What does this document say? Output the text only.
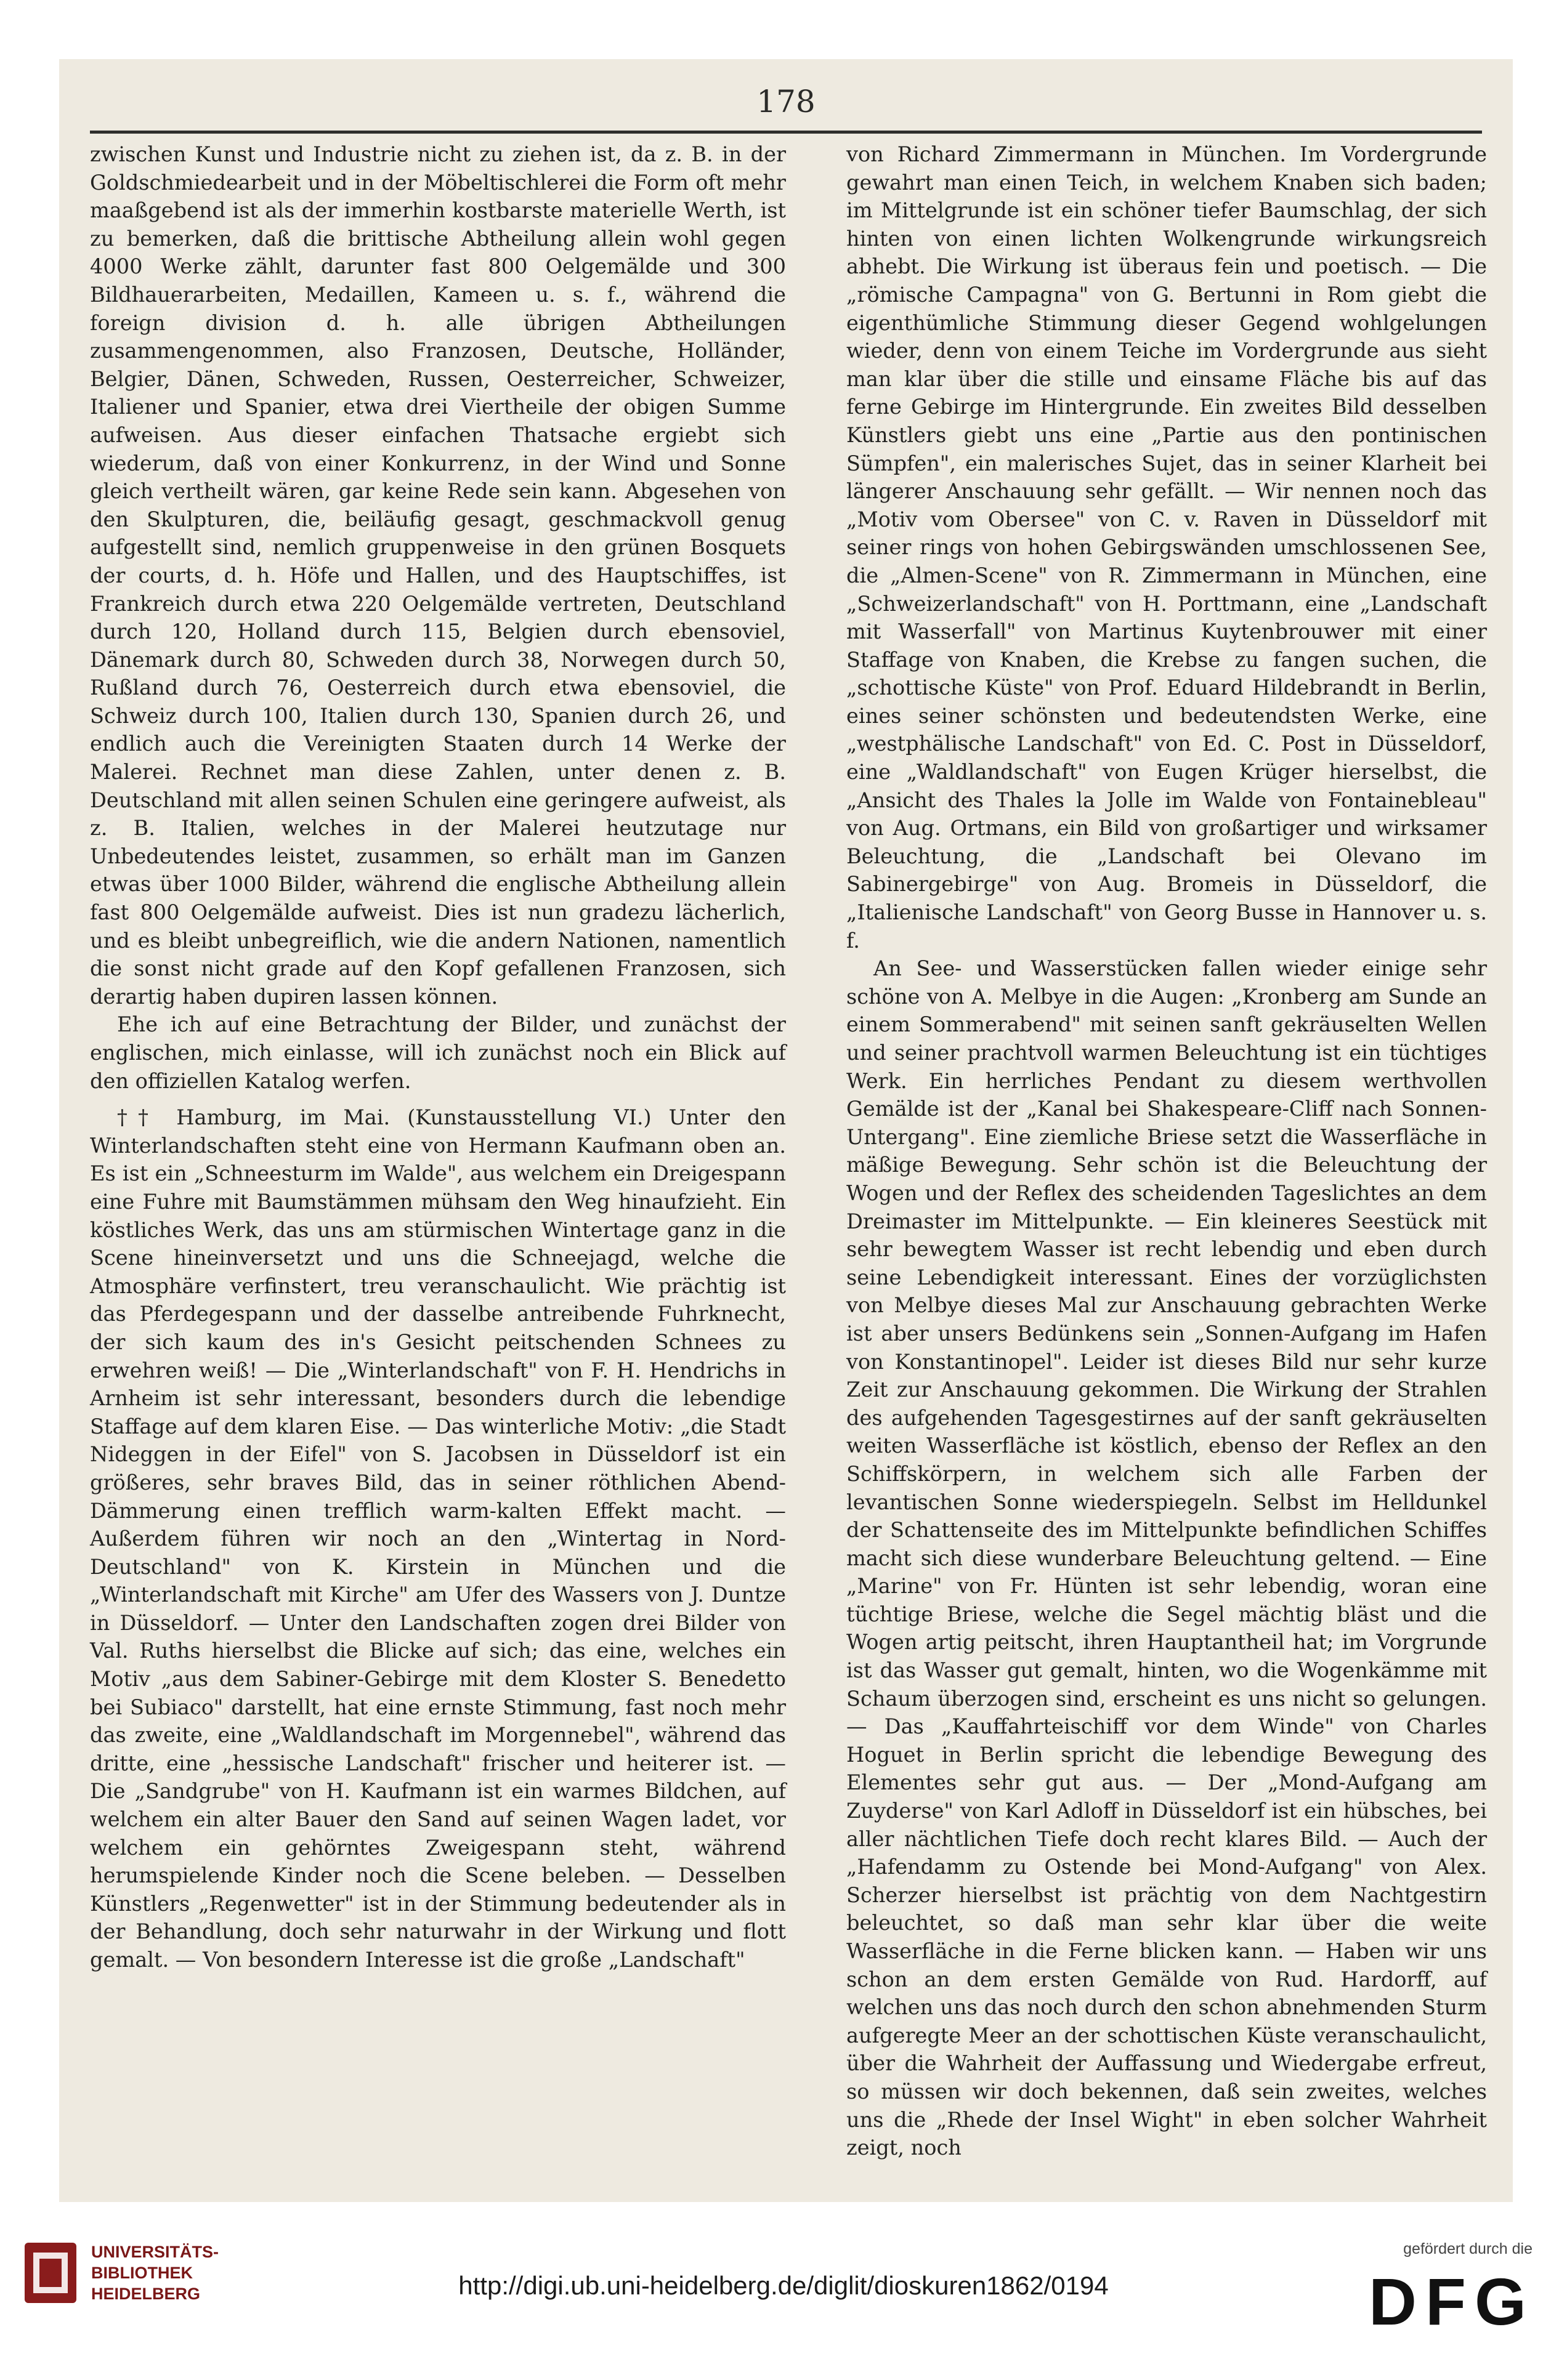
178

zwischen Kunst und Industrie nicht zu ziehen ist, da z. B. in der Goldschmiedearbeit und in der Möbeltischlerei die Form oft mehr maaßgebend ist als der immerhin kostbarste materielle Werth, ist zu bemerken, daß die brittische Abtheilung allein wohl gegen 4000 Werke zählt, darunter fast 800 Oelgemälde und 300 Bildhauerarbeiten, Medaillen, Kameen u. s. f., während die foreign division d. h. alle übrigen Abtheilungen zusammengenommen, also Franzosen, Deutsche, Holländer, Belgier, Dänen, Schweden, Russen, Oesterreicher, Schweizer, Italiener und Spanier, etwa drei Viertheile der obigen Summe aufweisen. Aus dieser einfachen Thatsache ergiebt sich wiederum, daß von einer Konkurrenz, in der Wind und Sonne gleich vertheilt wären, gar keine Rede sein kann. Abgesehen von den Skulpturen, die, beiläufig gesagt, geschmackvoll genug aufgestellt sind, nemlich gruppenweise in den grünen Bosquets der courts, d. h. Höfe und Hallen, und des Hauptschiffes, ist Frankreich durch etwa 220 Oelgemälde vertreten, Deutschland durch 120, Holland durch 115, Belgien durch ebensoviel, Dänemark durch 80, Schweden durch 38, Norwegen durch 50, Rußland durch 76, Oesterreich durch etwa ebensoviel, die Schweiz durch 100, Italien durch 130, Spanien durch 26, und endlich auch die Vereinigten Staaten durch 14 Werke der Malerei. Rechnet man diese Zahlen, unter denen z. B. Deutschland mit allen seinen Schulen eine geringere aufweist, als z. B. Italien, welches in der Malerei heutzutage nur Unbedeutendes leistet, zusammen, so erhält man im Ganzen etwas über 1000 Bilder, während die englische Abtheilung allein fast 800 Oelgemälde aufweist. Dies ist nun gradezu lächerlich, und es bleibt unbegreiflich, wie die andern Nationen, namentlich die sonst nicht grade auf den Kopf gefallenen Franzosen, sich derartig haben dupiren lassen können.

Ehe ich auf eine Betrachtung der Bilder, und zunächst der englischen, mich einlasse, will ich zunächst noch ein Blick auf den offiziellen Katalog werfen.

†† Hamburg, im Mai. (Kunstausstellung VI.) Unter den Winterlandschaften steht eine von Hermann Kaufmann oben an. Es ist ein „Schneesturm im Walde", aus welchem ein Dreigespann eine Fuhre mit Baumstämmen mühsam den Weg hinaufzieht. Ein köstliches Werk, das uns am stürmischen Wintertage ganz in die Scene hineinversetzt und uns die Schneejagd, welche die Atmosphäre verfinstert, treu veranschaulicht. Wie prächtig ist das Pferdegespann und der dasselbe antreibende Fuhrknecht, der sich kaum des in's Gesicht peitschenden Schnees zu erwehren weiß! — Die „Winterlandschaft" von F. H. Hendrichs in Arnheim ist sehr interessant, besonders durch die lebendige Staffage auf dem klaren Eise. — Das winterliche Motiv: „die Stadt Nideggen in der Eifel" von S. Jacobsen in Düsseldorf ist ein größeres, sehr braves Bild, das in seiner röthlichen Abend-Dämmerung einen trefflich warm-kalten Effekt macht. — Außerdem führen wir noch an den „Wintertag in Nord-Deutschland" von K. Kirstein in München und die „Winterlandschaft mit Kirche" am Ufer des Wassers von J. Duntze in Düsseldorf. — Unter den Landschaften zogen drei Bilder von Val. Ruths hierselbst die Blicke auf sich; das eine, welches ein Motiv „aus dem Sabiner-Gebirge mit dem Kloster S. Benedetto bei Subiaco" darstellt, hat eine ernste Stimmung, fast noch mehr das zweite, eine „Waldlandschaft im Morgennebel", während das dritte, eine „hessische Landschaft" frischer und heiterer ist. — Die „Sandgrube" von H. Kaufmann ist ein warmes Bildchen, auf welchem ein alter Bauer den Sand auf seinen Wagen ladet, vor welchem ein gehörntes Zweigespann steht, während herumspielende Kinder noch die Scene beleben. — Desselben Künstlers „Regenwetter" ist in der Stimmung bedeutender als in der Behandlung, doch sehr naturwahr in der Wirkung und flott gemalt. — Von besondern Interesse ist die große „Landschaft"

von Richard Zimmermann in München. Im Vordergrunde gewahrt man einen Teich, in welchem Knaben sich baden; im Mittelgrunde ist ein schöner tiefer Baumschlag, der sich hinten von einen lichten Wolkengrunde wirkungsreich abhebt. Die Wirkung ist überaus fein und poetisch. — Die „römische Campagna" von G. Bertunni in Rom giebt die eigenthümliche Stimmung dieser Gegend wohlgelungen wieder, denn von einem Teiche im Vordergrunde aus sieht man klar über die stille und einsame Fläche bis auf das ferne Gebirge im Hintergrunde. Ein zweites Bild desselben Künstlers giebt uns eine „Partie aus den pontinischen Sümpfen", ein malerisches Sujet, das in seiner Klarheit bei längerer Anschauung sehr gefällt. — Wir nennen noch das „Motiv vom Obersee" von C. v. Raven in Düsseldorf mit seiner rings von hohen Gebirgswänden umschlossenen See, die „Almen-Scene" von R. Zimmermann in München, eine „Schweizerlandschaft" von H. Porttmann, eine „Landschaft mit Wasserfall" von Martinus Kuytenbrouwer mit einer Staffage von Knaben, die Krebse zu fangen suchen, die „schottische Küste" von Prof. Eduard Hildebrandt in Berlin, eines seiner schönsten und bedeutendsten Werke, eine „westphälische Landschaft" von Ed. C. Post in Düsseldorf, eine „Waldlandschaft" von Eugen Krüger hierselbst, die „Ansicht des Thales la Jolle im Walde von Fontainebleau" von Aug. Ortmans, ein Bild von großartiger und wirksamer Beleuchtung, die „Landschaft bei Olevano im Sabinergebirge" von Aug. Bromeis in Düsseldorf, die „Italienische Landschaft" von Georg Busse in Hannover u. s. f.

An See- und Wasserstücken fallen wieder einige sehr schöne von A. Melbye in die Augen: „Kronberg am Sunde an einem Sommerabend" mit seinen sanft gekräuselten Wellen und seiner prachtvoll warmen Beleuchtung ist ein tüchtiges Werk. Ein herrliches Pendant zu diesem werthvollen Gemälde ist der „Kanal bei Shakespeare-Cliff nach Sonnen-Untergang". Eine ziemliche Briese setzt die Wasserfläche in mäßige Bewegung. Sehr schön ist die Beleuchtung der Wogen und der Reflex des scheidenden Tageslichtes an dem Dreimaster im Mittelpunkte. — Ein kleineres Seestück mit sehr bewegtem Wasser ist recht lebendig und eben durch seine Lebendigkeit interessant. Eines der vorzüglichsten von Melbye dieses Mal zur Anschauung gebrachten Werke ist aber unsers Bedünkens sein „Sonnen-Aufgang im Hafen von Konstantinopel". Leider ist dieses Bild nur sehr kurze Zeit zur Anschauung gekommen. Die Wirkung der Strahlen des aufgehenden Tagesgestirnes auf der sanft gekräuselten weiten Wasserfläche ist köstlich, ebenso der Reflex an den Schiffskörpern, in welchem sich alle Farben der levantischen Sonne wiederspiegeln. Selbst im Helldunkel der Schattenseite des im Mittelpunkte befindlichen Schiffes macht sich diese wunderbare Beleuchtung geltend. — Eine „Marine" von Fr. Hünten ist sehr lebendig, woran eine tüchtige Briese, welche die Segel mächtig bläst und die Wogen artig peitscht, ihren Hauptantheil hat; im Vorgrunde ist das Wasser gut gemalt, hinten, wo die Wogenkämme mit Schaum überzogen sind, erscheint es uns nicht so gelungen. — Das „Kauffahrteischiff vor dem Winde" von Charles Hoguet in Berlin spricht die lebendige Bewegung des Elementes sehr gut aus. — Der „Mond-Aufgang am Zuyderse" von Karl Adloff in Düsseldorf ist ein hübsches, bei aller nächtlichen Tiefe doch recht klares Bild. — Auch der „Hafendamm zu Ostende bei Mond-Aufgang" von Alex. Scherzer hierselbst ist prächtig von dem Nachtgestirn beleuchtet, so daß man sehr klar über die weite Wasserfläche in die Ferne blicken kann. — Haben wir uns schon an dem ersten Gemälde von Rud. Hardorff, auf welchen uns das noch durch den schon abnehmenden Sturm aufgeregte Meer an der schottischen Küste veranschaulicht, über die Wahrheit der Auffassung und Wiedergabe erfreut, so müssen wir doch bekennen, daß sein zweites, welches uns die „Rhede der Insel Wight" in eben solcher Wahrheit zeigt, noch

UNIVERSITÄTS-
BIBLIOTHEK
HEIDELBERG	http://digi.ub.uni-heidelberg.de/diglit/dioskuren1862/0194
gefördert durch die
DFG
